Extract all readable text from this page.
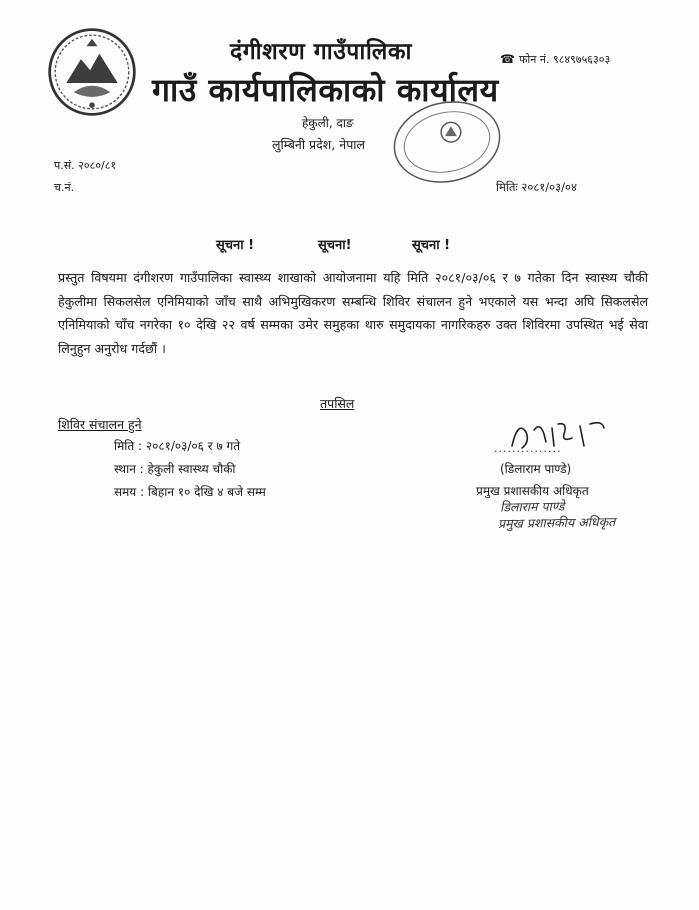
दंगीशरण गाउँपालिका
गाउँ कार्यपालिकाको कार्यालय
हेकुली, दाङ
लुम्बिनी प्रदेश, नेपाल
☎ फोन नं. ९८४९७५६३०३
प.सं. २०८०/८१
च.नं.	मितिः २०८१/०३/०४
सूचना !	सूचना!	सूचना !
प्रस्तुत विषयमा दंगीशरण गाउँपालिका स्वास्थ्य शाखाको आयोजनामा यहि मिति २०८१/०३/०६ र ७ गतेका दिन स्वास्थ्य चौकी हेकुलीमा सिकलसेल एनिमियाको जाँच साथै अभिमुखिकरण सम्बन्धि शिविर संचालन हुने भएकाले यस भन्दा अघि सिकलसेल एनिमियाको चाँच नगरेका १० देखि २२ वर्ष सम्मका उमेर समुहका थारु समुदायका नागरिकहरु उक्त शिविरमा उपस्थित भई सेवा लिनुहुन अनुरोध गर्दछौं ।
तपसिल
शिविर संचालन हुने
मिति : २०८१/०३/०६ र ७ गते
स्थान : हेकुली स्वास्थ्य चौकी
समय : बिहान १० देखि ४ बजे सम्म
...............
(डिलाराम पाण्डे)
प्रमुख प्रशासकीय अधिकृत
डिलाराम पाण्डे
प्रमुख प्रशासकीय अधिकृत
